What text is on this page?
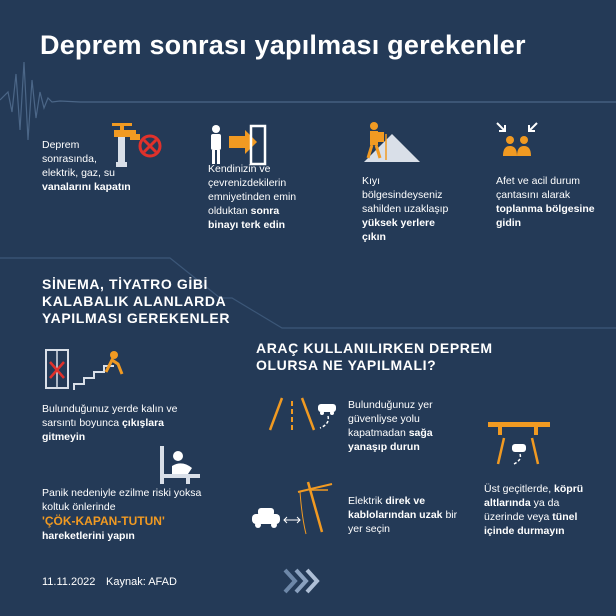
Deprem sonrası yapılması gerekenler
Deprem sonrasında, elektrik, gaz, su
vanalarını kapatın
Kendinizin ve çevrenizdekilerin emniyetinden emin olduktan sonra
binayı terk edin
Kıyı bölgesindeyseniz sahilden uzaklaşıp
yüksek yerlere çıkın
Afet ve acil durum çantasını alarak
toplanma bölgesine gidin
SİNEMA, TİYATRO GİBİ KALABALIK ALANLARDA YAPILMASI GEREKENLER
Bulunduğunuz yerde kalın ve sarsıntı boyunca çıkışlara gitmeyin
Panik nedeniyle ezilme riski yoksa koltuk önlerinde
'ÇÖK-KAPAN-TUTUN'
hareketlerini yapın
ARAÇ KULLANILIRKEN DEPREM OLURSA NE YAPILMALI?
Bulunduğunuz yer güvenliyse yolu kapatmadan sağa yanaşıp durun
Üst geçitlerde, köprü altlarında ya da üzerinde veya tünel içinde durmayın
Elektrik direk ve kablolarından uzak bir yer seçin
11.11.2022 Kaynak: AFAD
